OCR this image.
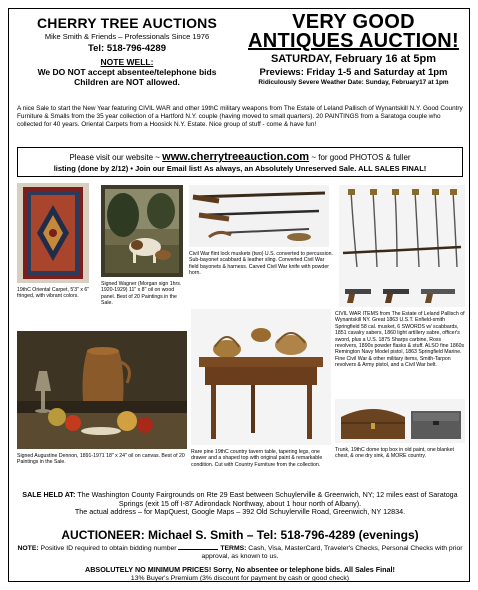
CHERRY TREE AUCTIONS
Mike Smith & Friends – Professionals Since 1976
Tel: 518-796-4289
NOTE WELL:
We DO NOT accept absentee/telephone bids
Children are NOT allowed.
VERY GOOD
ANTIQUES AUCTION!
SATURDAY, February 16 at 5pm
Previews: Friday 1-5 and Saturday at 1pm
Ridiculously Severe Weather Date: Sunday, February17 at 1pm
A nice Sale to start the New Year featuring CIVIL WAR and other 19thC military weapons from The Estate of Leland Pallisch of Wynantskill N.Y. Good Country Furniture & Smalls from the 35 year collection of a Hartford N.Y. couple (having moved to small quarters). 20 PAINTINGS from a Saratoga couple who collected for 40 years. Oriental Carpets from a Hoosick N.Y. Estate. Nice group of stuff - come & have fun!
Please visit our website ~ www.cherrytreeauction.com ~ for good PHOTOS & fuller
listing (done by 2/12) • Join our Email list! As always, an Absolutely Unreserved Sale. ALL SALES FINAL!
19thC Oriental Carpet, 5'3" x 6" fringed, with vibrant colors.
Signed Wagner (Morgan sign 1hrs. 1920-1929) 11" x 8" oil on wood panel. Best of 20 Paintings in the Sale.
Civil War flint lock muskets (two) U.S. converted to percussion. Sub-bayonet scabbard & leather sling. Converted Civil War field bayonets & harness. Carved Civil War knife with powder horn.
CIVIL WAR ITEMS from The Estate of Leland Pallisch of Wynantskill NY. Great 1863 U.S.T. Enfield-smith Springfield 58 cal. musket, 6 SWORDS w/ scabbards, 1851 cavalry sabers, 1860 light artillery sabre, officer's sword, plus a U.S. 1875 Sharps carbine, Ross revolvers, 1890s powder flasks & stuff. ALSO fine 1860s Remington Navy Model pistol, 1863 Springfield Marine. Fine Civil War & other military items, Smith-Tarpon revolvers & Army pistol, and a Civil War belt.
Signed Augustine Dennon, 1891-1971 18" x 24" oil on canvas. Best of 20 Paintings in the Sale.
Rare pine 19thC country tavern table, tapering legs, one drawer and a shaped top with original paint & remarkable condition. Cut with Country Furniture from the collection.
Trunk, 19thC dome top box in old paint, one blanket chest, & one dry sink, & MORE country.
SALE HELD AT: The Washington County Fairgrounds on Rte 29 East between Schuylerville & Greenwich, NY; 12 miles east of Saratoga Springs (exit 15 off I-87 Adirondack Northway, about 1 hour north of Albany).
The actual address – for MapQuest, Google Maps – 392 Old Schuylerville Road, Greenwich, NY 12834.
AUCTIONEER: Michael S. Smith – Tel: 518-796-4289 (evenings)
NOTE: Positive ID required to obtain bidding number	TERMS: Cash, Visa, MasterCard, Traveler's Checks, Personal Checks with prior approval, as known to us.
ABSOLUTELY NO MINIMUM PRICES! Sorry, No absentee or telephone bids. All Sales Final!
13% Buyer's Premium (3% discount for payment by cash or good check)
